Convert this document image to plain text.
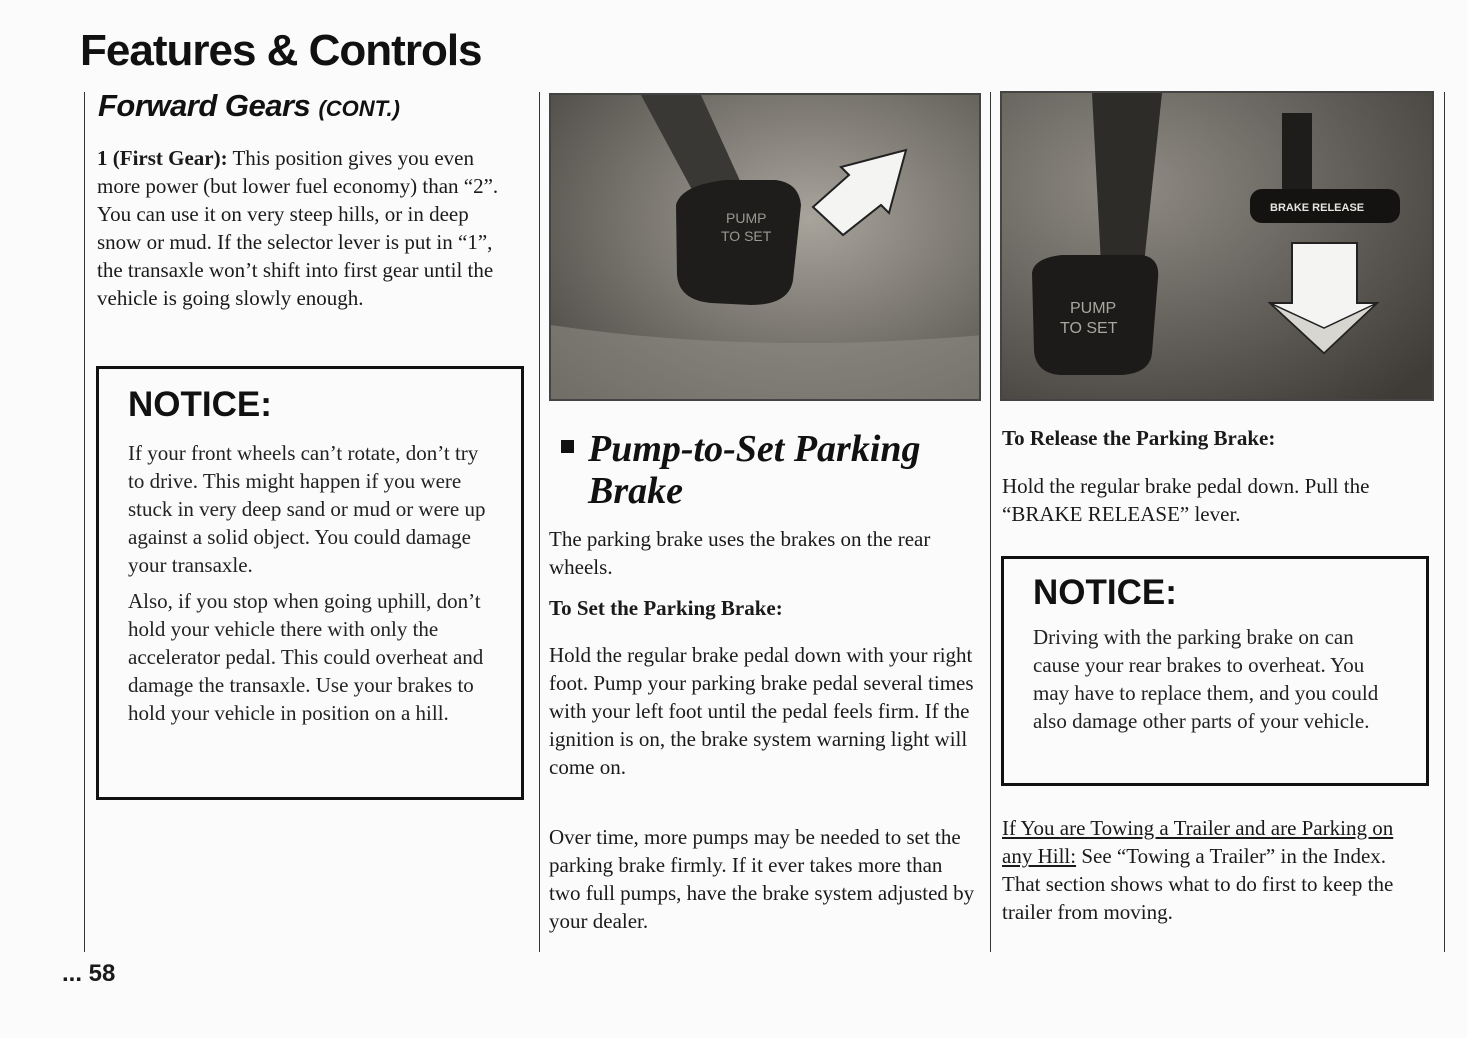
Features & Controls
Forward Gears (CONT.)

1 (First Gear): This position gives you even more power (but lower fuel economy) than “2”. You can use it on very steep hills, or in deep snow or mud. If the selector lever is put in “1”, the transaxle won’t shift into first gear until the vehicle is going slowly enough.

NOTICE:

If your front wheels can’t rotate, don’t try to drive. This might happen if you were stuck in very deep sand or mud or were up against a solid object. You could damage your transaxle.

Also, if you stop when going uphill, don’t hold your vehicle there with only the accelerator pedal. This could overheat and damage the transaxle. Use your brakes to hold your vehicle in position on a hill.

PUMP
TO SET
Pump-to-Set Parking Brake
The parking brake uses the brakes on the rear wheels.
To Set the Parking Brake:
Hold the regular brake pedal down with your right foot. Pump your parking brake pedal several times with your left foot until the pedal feels firm. If the ignition is on, the brake system warning light will come on.
Over time, more pumps may be needed to set the parking brake firmly. If it ever takes more than two full pumps, have the brake system adjusted by your dealer.
PUMP
TO SET
BRAKE RELEASE
To Release the Parking Brake:
Hold the regular brake pedal down. Pull the “BRAKE RELEASE” lever.
NOTICE:
Driving with the parking brake on can cause your rear brakes to overheat. You may have to replace them, and you could also damage other parts of your vehicle.

If You are Towing a Trailer and are Parking on any Hill: See “Towing a Trailer” in the Index. That section shows what to do first to keep the trailer from moving.

... 58
